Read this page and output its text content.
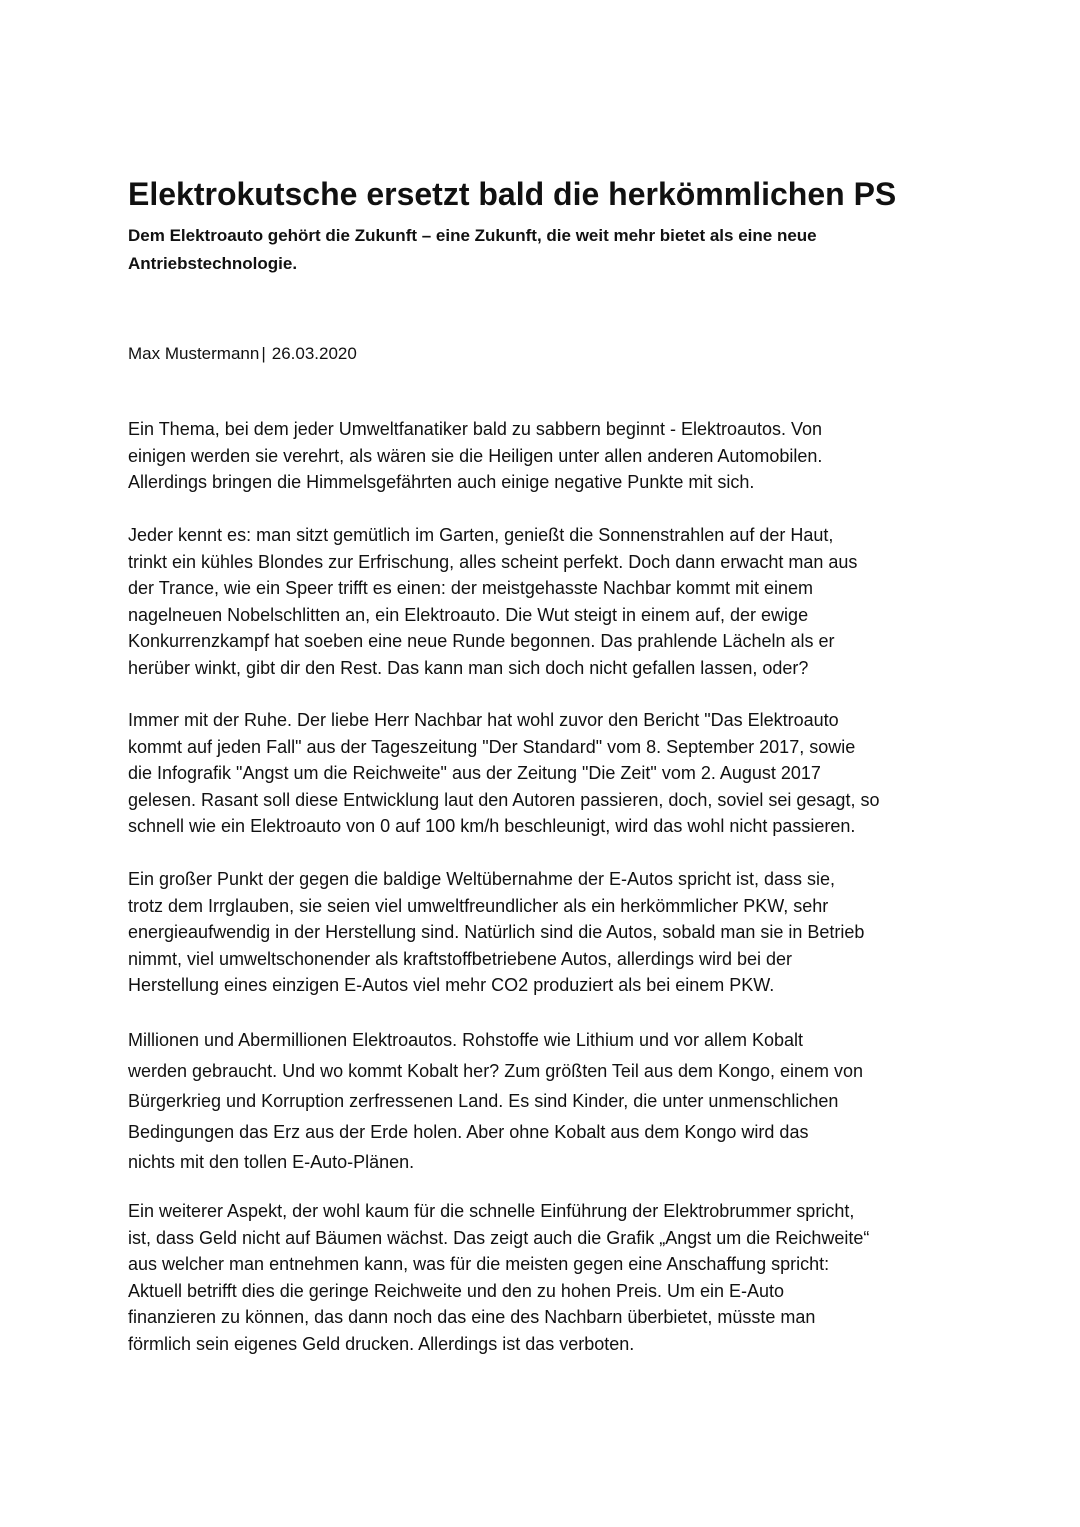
Elektrokutsche ersetzt bald die herkömmlichen PS

Dem Elektroauto gehört die Zukunft – eine Zukunft, die weit mehr bietet als eine neue
Antriebstechnologie.

Max Mustermann | 26.03.2020

Ein Thema, bei dem jeder Umweltfanatiker bald zu sabbern beginnt - Elektroautos. Von
einigen werden sie verehrt, als wären sie die Heiligen unter allen anderen Automobilen.
Allerdings bringen die Himmelsgefährten auch einige negative Punkte mit sich.

Jeder kennt es: man sitzt gemütlich im Garten, genießt die Sonnenstrahlen auf der Haut,
trinkt ein kühles Blondes zur Erfrischung, alles scheint perfekt. Doch dann erwacht man aus
der Trance, wie ein Speer trifft es einen: der meistgehasste Nachbar kommt mit einem
nagelneuen Nobelschlitten an, ein Elektroauto. Die Wut steigt in einem auf, der ewige
Konkurrenzkampf hat soeben eine neue Runde begonnen. Das prahlende Lächeln als er
herüber winkt, gibt dir den Rest. Das kann man sich doch nicht gefallen lassen, oder?

Immer mit der Ruhe. Der liebe Herr Nachbar hat wohl zuvor den Bericht "Das Elektroauto
kommt auf jeden Fall" aus der Tageszeitung "Der Standard" vom 8. September 2017, sowie
die Infografik "Angst um die Reichweite" aus der Zeitung "Die Zeit" vom 2. August 2017
gelesen. Rasant soll diese Entwicklung laut den Autoren passieren, doch, soviel sei gesagt, so
schnell wie ein Elektroauto von 0 auf 100 km/h beschleunigt, wird das wohl nicht passieren.

Ein großer Punkt der gegen die baldige Weltübernahme der E-Autos spricht ist, dass sie,
trotz dem Irrglauben, sie seien viel umweltfreundlicher als ein herkömmlicher PKW, sehr
energieaufwendig in der Herstellung sind. Natürlich sind die Autos, sobald man sie in Betrieb
nimmt, viel umweltschonender als kraftstoffbetriebene Autos, allerdings wird bei der
Herstellung eines einzigen E-Autos viel mehr CO2 produziert als bei einem PKW.

Millionen und Abermillionen Elektroautos. Rohstoffe wie Lithium und vor allem Kobalt
werden gebraucht. Und wo kommt Kobalt her? Zum größten Teil aus dem Kongo, einem von
Bürgerkrieg und Korruption zerfressenen Land. Es sind Kinder, die unter unmenschlichen
Bedingungen das Erz aus der Erde holen. Aber ohne Kobalt aus dem Kongo wird das
nichts mit den tollen E-Auto-Plänen.

Ein weiterer Aspekt, der wohl kaum für die schnelle Einführung der Elektrobrummer spricht,
ist, dass Geld nicht auf Bäumen wächst. Das zeigt auch die Grafik „Angst um die Reichweite“
aus welcher man entnehmen kann, was für die meisten gegen eine Anschaffung spricht:
Aktuell betrifft dies die geringe Reichweite und den zu hohen Preis. Um ein E-Auto
finanzieren zu können, das dann noch das eine des Nachbarn überbietet, müsste man
förmlich sein eigenes Geld drucken. Allerdings ist das verboten.
